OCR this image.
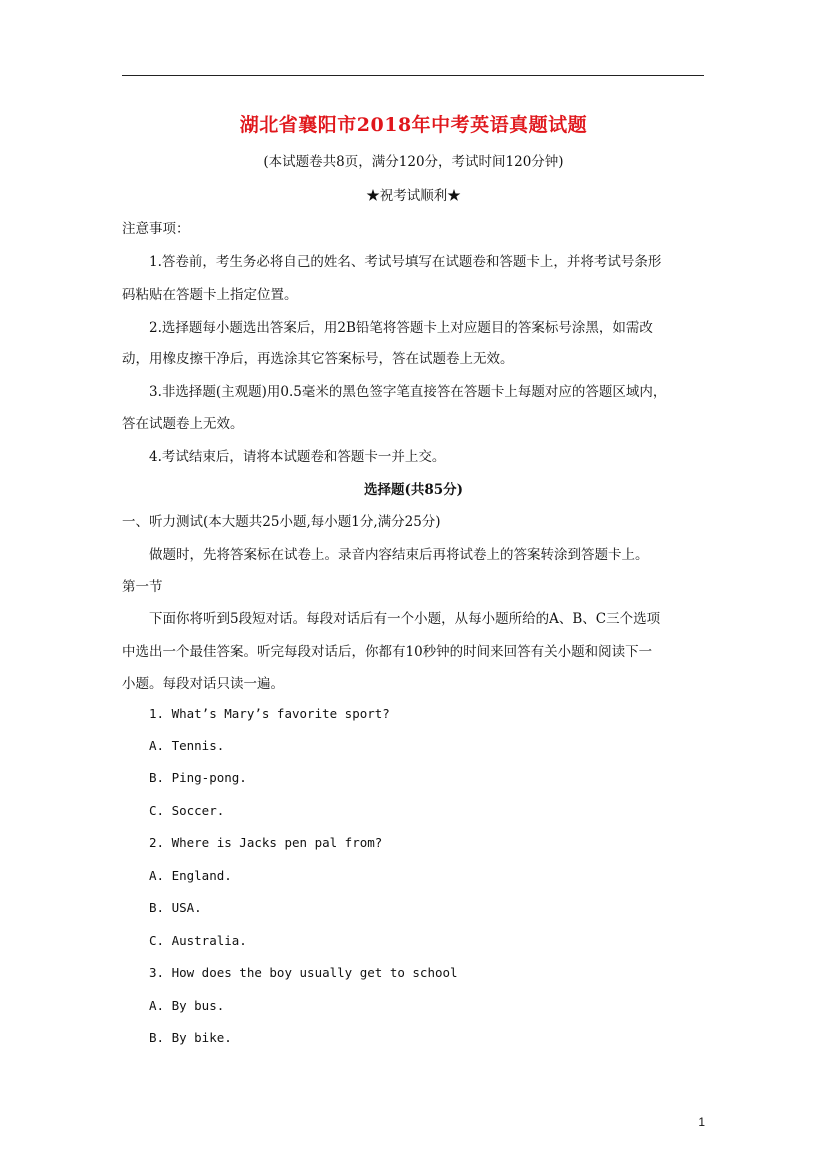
湖北省襄阳市2018年中考英语真题试题
(本试题卷共8页，满分120分，考试时间120分钟)
★祝考试顺利★
注意事项：
1.答卷前，考生务必将自己的姓名、考试号填写在试题卷和答题卡上，并将考试号条形
码粘贴在答题卡上指定位置。
2.选择题每小题选出答案后，用2B铅笔将答题卡上对应题目的答案标号涂黑，如需改
动，用橡皮擦干净后，再选涂其它答案标号，答在试题卷上无效。
3.非选择题(主观题)用0.5毫米的黑色签字笔直接答在答题卡上每题对应的答题区域内，
答在试题卷上无效。
4.考试结束后，请将本试题卷和答题卡一并上交。
选择题(共85分)
一、听力测试(本大题共25小题,每小题1分,满分25分)
做题时，先将答案标在试卷上。录音内容结束后再将试卷上的答案转涂到答题卡上。
第一节
下面你将听到5段短对话。每段对话后有一个小题，从每小题所给的A、B、C三个选项
中选出一个最佳答案。听完每段对话后，你都有10秒钟的时间来回答有关小题和阅读下一
小题。每段对话只读一遍。
1. What’s Mary’s favorite sport?
A. Tennis.
B. Ping-pong.
C. Soccer.
2. Where is Jacks pen pal from?
A. England.
B. USA.
C. Australia.
3. How does the boy usually get to school
A. By bus.
B. By bike.
1
